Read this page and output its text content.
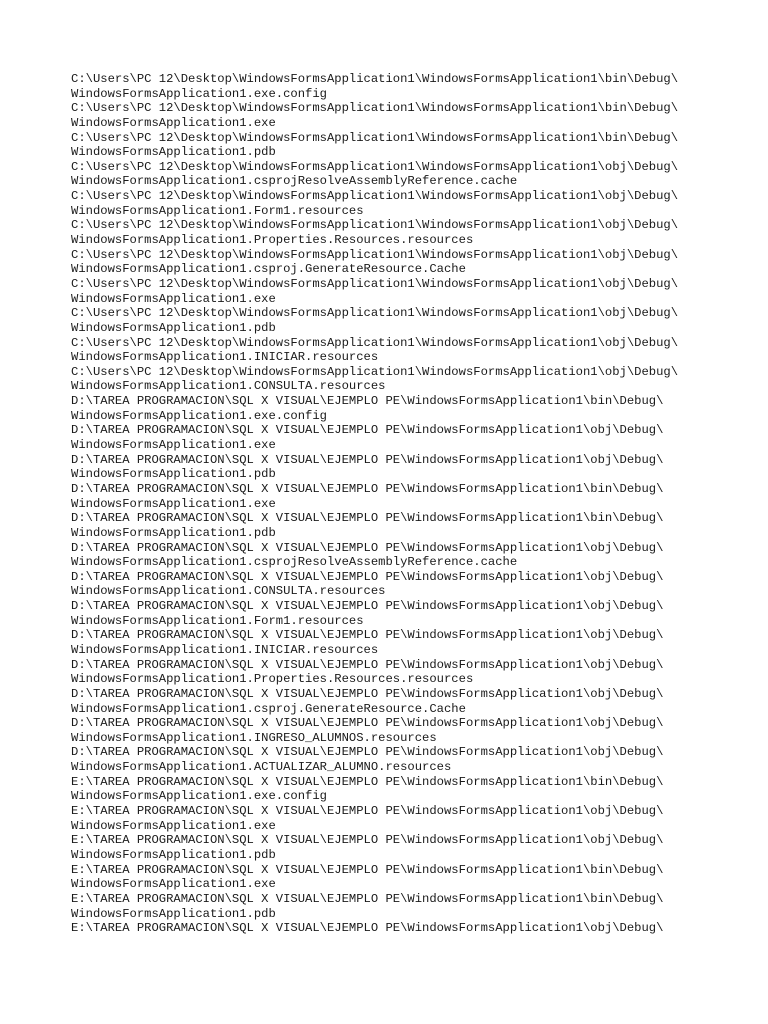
C:\Users\PC 12\Desktop\WindowsFormsApplication1\WindowsFormsApplication1\bin\Debug\
WindowsFormsApplication1.exe.config
C:\Users\PC 12\Desktop\WindowsFormsApplication1\WindowsFormsApplication1\bin\Debug\
WindowsFormsApplication1.exe
C:\Users\PC 12\Desktop\WindowsFormsApplication1\WindowsFormsApplication1\bin\Debug\
WindowsFormsApplication1.pdb
C:\Users\PC 12\Desktop\WindowsFormsApplication1\WindowsFormsApplication1\obj\Debug\
WindowsFormsApplication1.csprojResolveAssemblyReference.cache
C:\Users\PC 12\Desktop\WindowsFormsApplication1\WindowsFormsApplication1\obj\Debug\
WindowsFormsApplication1.Form1.resources
C:\Users\PC 12\Desktop\WindowsFormsApplication1\WindowsFormsApplication1\obj\Debug\
WindowsFormsApplication1.Properties.Resources.resources
C:\Users\PC 12\Desktop\WindowsFormsApplication1\WindowsFormsApplication1\obj\Debug\
WindowsFormsApplication1.csproj.GenerateResource.Cache
C:\Users\PC 12\Desktop\WindowsFormsApplication1\WindowsFormsApplication1\obj\Debug\
WindowsFormsApplication1.exe
C:\Users\PC 12\Desktop\WindowsFormsApplication1\WindowsFormsApplication1\obj\Debug\
WindowsFormsApplication1.pdb
C:\Users\PC 12\Desktop\WindowsFormsApplication1\WindowsFormsApplication1\obj\Debug\
WindowsFormsApplication1.INICIAR.resources
C:\Users\PC 12\Desktop\WindowsFormsApplication1\WindowsFormsApplication1\obj\Debug\
WindowsFormsApplication1.CONSULTA.resources
D:\TAREA PROGRAMACION\SQL X VISUAL\EJEMPLO PE\WindowsFormsApplication1\bin\Debug\
WindowsFormsApplication1.exe.config
D:\TAREA PROGRAMACION\SQL X VISUAL\EJEMPLO PE\WindowsFormsApplication1\obj\Debug\
WindowsFormsApplication1.exe
D:\TAREA PROGRAMACION\SQL X VISUAL\EJEMPLO PE\WindowsFormsApplication1\obj\Debug\
WindowsFormsApplication1.pdb
D:\TAREA PROGRAMACION\SQL X VISUAL\EJEMPLO PE\WindowsFormsApplication1\bin\Debug\
WindowsFormsApplication1.exe
D:\TAREA PROGRAMACION\SQL X VISUAL\EJEMPLO PE\WindowsFormsApplication1\bin\Debug\
WindowsFormsApplication1.pdb
D:\TAREA PROGRAMACION\SQL X VISUAL\EJEMPLO PE\WindowsFormsApplication1\obj\Debug\
WindowsFormsApplication1.csprojResolveAssemblyReference.cache
D:\TAREA PROGRAMACION\SQL X VISUAL\EJEMPLO PE\WindowsFormsApplication1\obj\Debug\
WindowsFormsApplication1.CONSULTA.resources
D:\TAREA PROGRAMACION\SQL X VISUAL\EJEMPLO PE\WindowsFormsApplication1\obj\Debug\
WindowsFormsApplication1.Form1.resources
D:\TAREA PROGRAMACION\SQL X VISUAL\EJEMPLO PE\WindowsFormsApplication1\obj\Debug\
WindowsFormsApplication1.INICIAR.resources
D:\TAREA PROGRAMACION\SQL X VISUAL\EJEMPLO PE\WindowsFormsApplication1\obj\Debug\
WindowsFormsApplication1.Properties.Resources.resources
D:\TAREA PROGRAMACION\SQL X VISUAL\EJEMPLO PE\WindowsFormsApplication1\obj\Debug\
WindowsFormsApplication1.csproj.GenerateResource.Cache
D:\TAREA PROGRAMACION\SQL X VISUAL\EJEMPLO PE\WindowsFormsApplication1\obj\Debug\
WindowsFormsApplication1.INGRESO_ALUMNOS.resources
D:\TAREA PROGRAMACION\SQL X VISUAL\EJEMPLO PE\WindowsFormsApplication1\obj\Debug\
WindowsFormsApplication1.ACTUALIZAR_ALUMNO.resources
E:\TAREA PROGRAMACION\SQL X VISUAL\EJEMPLO PE\WindowsFormsApplication1\bin\Debug\
WindowsFormsApplication1.exe.config
E:\TAREA PROGRAMACION\SQL X VISUAL\EJEMPLO PE\WindowsFormsApplication1\obj\Debug\
WindowsFormsApplication1.exe
E:\TAREA PROGRAMACION\SQL X VISUAL\EJEMPLO PE\WindowsFormsApplication1\obj\Debug\
WindowsFormsApplication1.pdb
E:\TAREA PROGRAMACION\SQL X VISUAL\EJEMPLO PE\WindowsFormsApplication1\bin\Debug\
WindowsFormsApplication1.exe
E:\TAREA PROGRAMACION\SQL X VISUAL\EJEMPLO PE\WindowsFormsApplication1\bin\Debug\
WindowsFormsApplication1.pdb
E:\TAREA PROGRAMACION\SQL X VISUAL\EJEMPLO PE\WindowsFormsApplication1\obj\Debug\
